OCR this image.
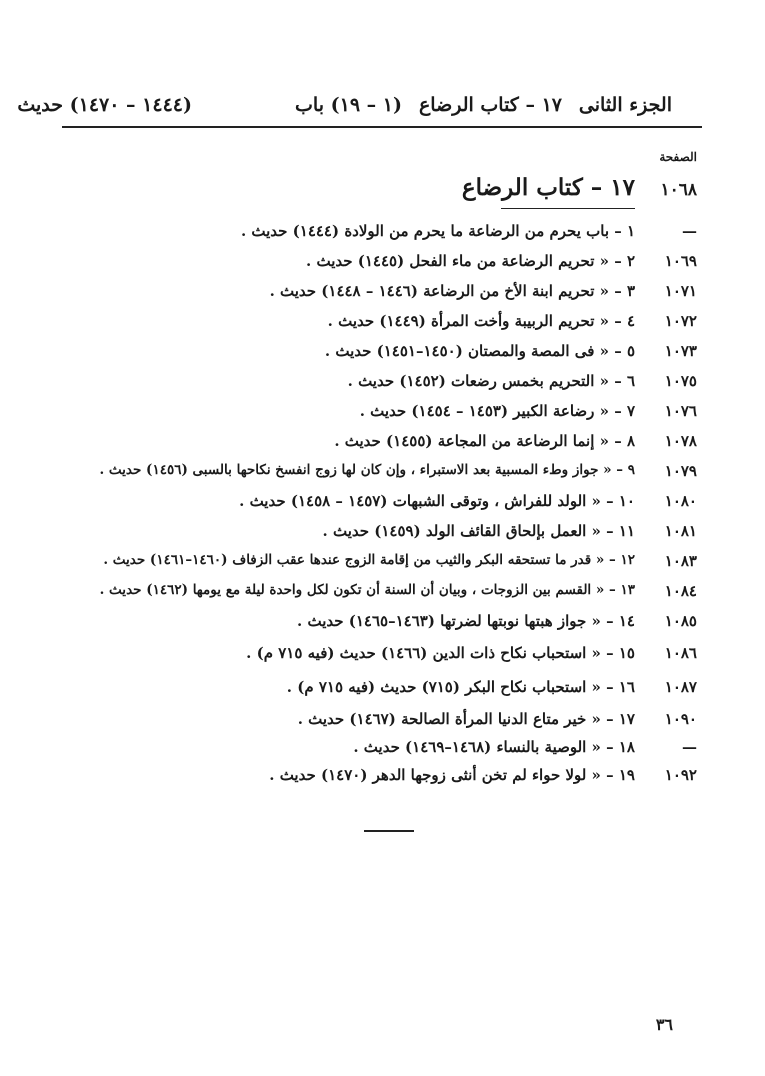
الجزء الثانى
١٧ – كتاب الرضاع
(١ – ١٩) باب
(١٤٤٤ – ١٤٧٠) حديث
الصفحة
١٠٦٨
١٧ – كتاب الرضاع
—
١ – باب يحرم من الرضاعة ما يحرم من الولادة (١٤٤٤) حديث .
١٠٦٩
٢ – « تحريم الرضاعة من ماء الفحل (١٤٤٥) حديث .
١٠٧١
٣ – « تحريم ابنة الأخ من الرضاعة (١٤٤٦ – ١٤٤٨) حديث .
١٠٧٢
٤ – « تحريم الربيبة وأخت المرأة (١٤٤٩) حديث .
١٠٧٣
٥ – « فى المصة والمصتان (١٤٥٠–١٤٥١) حديث .
١٠٧٥
٦ – « التحريم بخمس رضعات (١٤٥٢) حديث .
١٠٧٦
٧ – « رضاعة الكبير (١٤٥٣ – ١٤٥٤) حديث .
١٠٧٨
٨ – « إنما الرضاعة من المجاعة (١٤٥٥) حديث .
١٠٧٩
٩ – « جواز وطء المسبية بعد الاستبراء ، وإن كان لها زوج انفسخ نكاحها بالسبى (١٤٥٦) حديث .
١٠٨٠
١٠ – « الولد للفراش ، وتوقى الشبهات (١٤٥٧ – ١٤٥٨) حديث .
١٠٨١
١١ – « العمل بإلحاق القائف الولد (١٤٥٩) حديث .
١٠٨٣
١٢ – « قدر ما تستحقه البكر والثيب من إقامة الزوج عندها عقب الزفاف (١٤٦٠–١٤٦١) حديث .
١٠٨٤
١٣ – « القسم بين الزوجات ، وبيان أن السنة أن تكون لكل واحدة ليلة مع يومها (١٤٦٢) حديث .
١٠٨٥
١٤ – « جواز هبتها نوبتها لضرتها (١٤٦٣–١٤٦٥) حديث .
١٠٨٦
١٥ – « استحباب نكاح ذات الدين (١٤٦٦) حديث (فيه ٧١٥ م) .
١٠٨٧
١٦ – « استحباب نكاح البكر (٧١٥) حديث (فيه ٧١٥ م) .
١٠٩٠
١٧ – « خير متاع الدنيا المرأة الصالحة (١٤٦٧) حديث .
—
١٨ – « الوصية بالنساء (١٤٦٨–١٤٦٩) حديث .
١٠٩٢
١٩ – « لولا حواء لم تخن أنثى زوجها الدهر (١٤٧٠) حديث .
٣٦
